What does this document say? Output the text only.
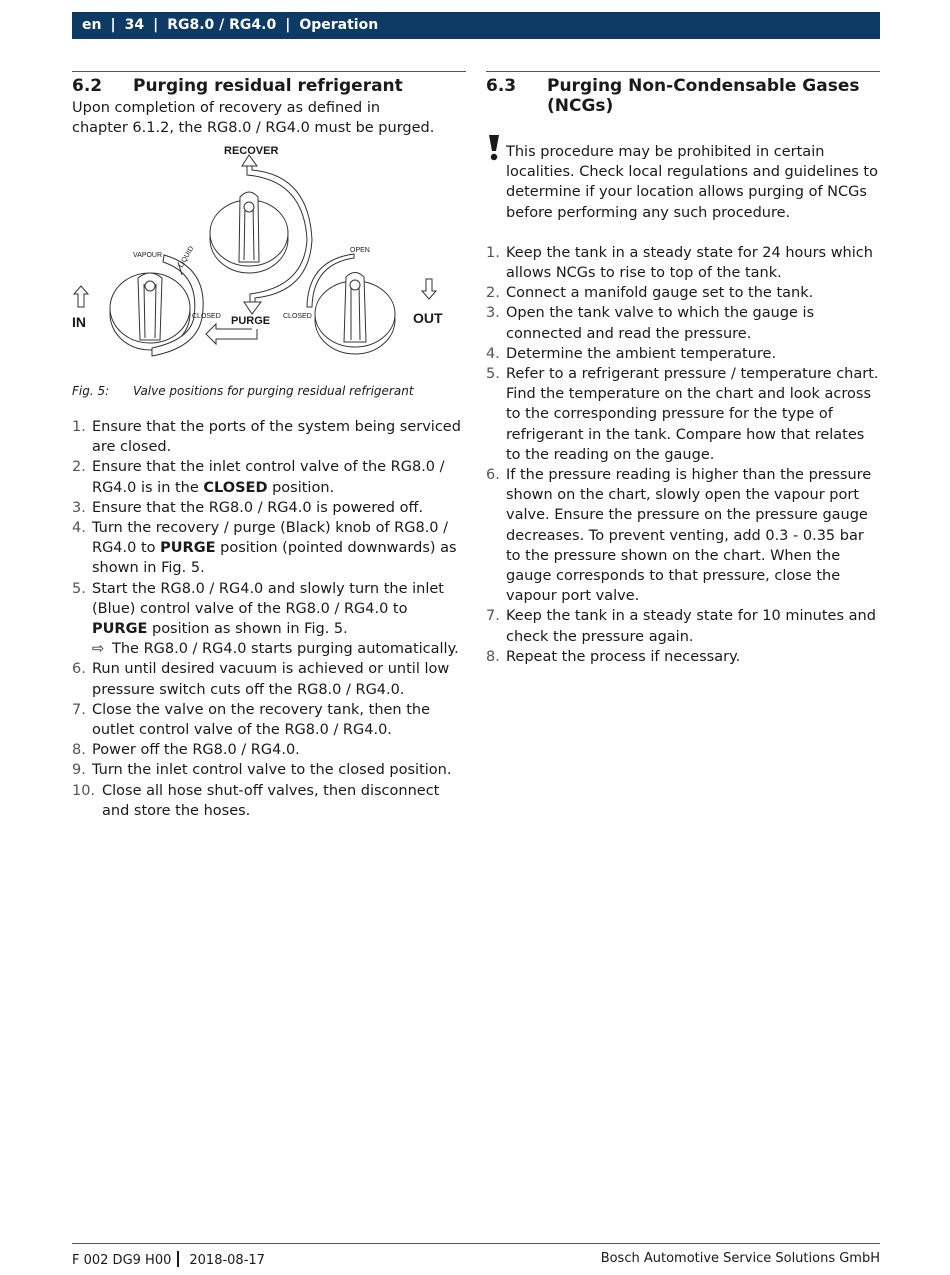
en | 34 | RG8.0 / RG4.0 | Operation
6.2	Purging residual refrigerant
Upon completion of recovery as defined in
chapter 6.1.2, the RG8.0 / RG4.0 must be purged.
RECOVER
VAPOUR LIQUID
IN	CLOSED PURGE CLOSED
OPEN
OUT
Fig. 5:	Valve positions for purging residual refrigerant
1. Ensure that the ports of the system being serviced are closed.
2. Ensure that the inlet control valve of the RG8.0 / RG4.0 is in the CLOSED position.
3. Ensure that the RG8.0 / RG4.0 is powered off.
4. Turn the recovery / purge (Black) knob of RG8.0 / RG4.0 to PURGE position (pointed downwards) as shown in Fig. 5.
5. Start the RG8.0 / RG4.0 and slowly turn the inlet (Blue) control valve of the RG8.0 / RG4.0 to PURGE position as shown in Fig. 5.
⇨ The RG8.0 / RG4.0 starts purging automatically.
6. Run until desired vacuum is achieved or until low pressure switch cuts off the RG8.0 / RG4.0.
7. Close the valve on the recovery tank, then the outlet control valve of the RG8.0 / RG4.0.
8. Power off the RG8.0 / RG4.0.
9. Turn the inlet control valve to the closed position.
10. Close all hose shut-off valves, then disconnect and store the hoses.
6.3	Purging Non-Condensable Gases (NCGs)
This procedure may be prohibited in certain localities. Check local regulations and guidelines to determine if your location allows purging of NCGs before performing any such procedure.
1. Keep the tank in a steady state for 24 hours which allows NCGs to rise to top of the tank.
2. Connect a manifold gauge set to the tank.
3. Open the tank valve to which the gauge is connected and read the pressure.
4. Determine the ambient temperature.
5. Refer to a refrigerant pressure / temperature chart. Find the temperature on the chart and look across to the corresponding pressure for the type of refrigerant in the tank. Compare how that relates to the reading on the gauge.
6. If the pressure reading is higher than the pressure shown on the chart, slowly open the vapour port valve. Ensure the pressure on the pressure gauge decreases. To prevent venting, add 0.3 - 0.35 bar to the pressure shown on the chart. When the gauge corresponds to that pressure, close the vapour port valve.
7. Keep the tank in a steady state for 10 minutes and check the pressure again.
8. Repeat the process if necessary.
F 002 DG9 H00 2018-08-17	Bosch Automotive Service Solutions GmbH
